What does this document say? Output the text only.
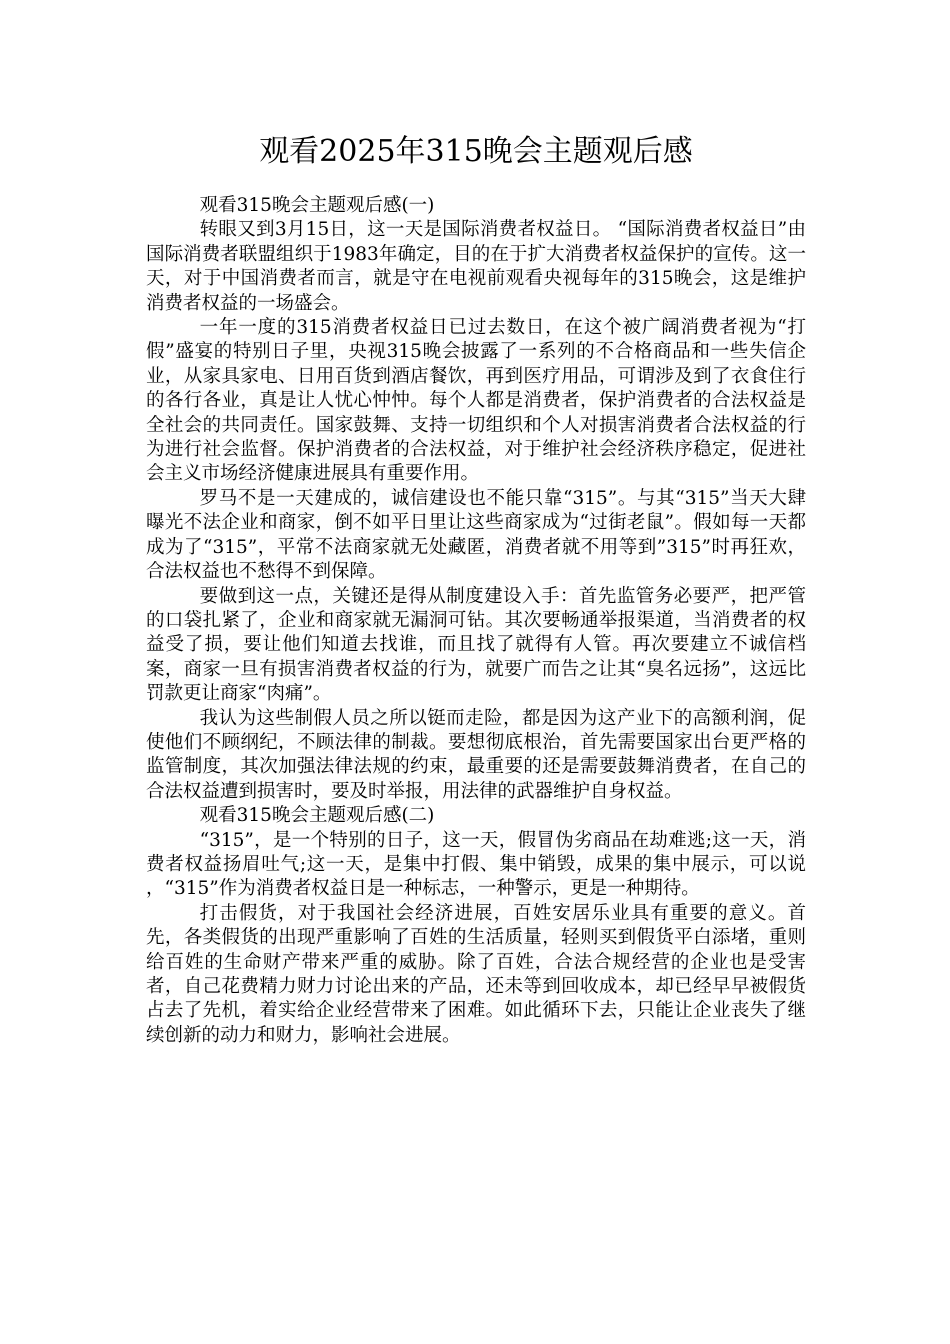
观看2025年315晚会主题观后感

观看315晚会主题观后感(一)

转眼又到3月15日，这一天是国际消费者权益日。 “国际消费者权益日”由国际消费者联盟组织于1983年确定，目的在于扩大消费者权益保护的宣传。这一天，对于中国消费者而言，就是守在电视前观看央视每年的315晚会，这是维护消费者权益的一场盛会。

一年一度的315消费者权益日已过去数日，在这个被广阔消费者视为“打假”盛宴的特别日子里，央视315晚会披露了一系列的不合格商品和一些失信企业，从家具家电、日用百货到酒店餐饮，再到医疗用品，可谓涉及到了衣食住行的各行各业，真是让人忧心忡忡。每个人都是消费者，保护消费者的合法权益是全社会的共同责任。国家鼓舞、支持一切组织和个人对损害消费者合法权益的行为进行社会监督。保护消费者的合法权益，对于维护社会经济秩序稳定，促进社会主义市场经济健康进展具有重要作用。

罗马不是一天建成的，诚信建设也不能只靠“315”。与其“315”当天大肆曝光不法企业和商家，倒不如平日里让这些商家成为“过街老鼠”。假如每一天都成为了“315”，平常不法商家就无处藏匿，消费者就不用等到”315”时再狂欢，合法权益也不愁得不到保障。

要做到这一点，关键还是得从制度建设入手：首先监管务必要严，把严管的口袋扎紧了，企业和商家就无漏洞可钻。其次要畅通举报渠道，当消费者的权益受了损，要让他们知道去找谁，而且找了就得有人管。再次要建立不诚信档案，商家一旦有损害消费者权益的行为，就要广而告之让其“臭名远扬”，这远比罚款更让商家“肉痛”。

我认为这些制假人员之所以铤而走险，都是因为这产业下的高额利润，促使他们不顾纲纪，不顾法律的制裁。要想彻底根治，首先需要国家出台更严格的监管制度，其次加强法律法规的约束，最重要的还是需要鼓舞消费者，在自己的合法权益遭到损害时，要及时举报，用法律的武器维护自身权益。

观看315晚会主题观后感(二)

“315”，是一个特别的日子，这一天，假冒伪劣商品在劫难逃;这一天，消费者权益扬眉吐气;这一天，是集中打假、集中销毁，成果的集中展示，可以说 ，“315”作为消费者权益日是一种标志，一种警示，更是一种期待。

打击假货，对于我国社会经济进展，百姓安居乐业具有重要的意义。首先，各类假货的出现严重影响了百姓的生活质量，轻则买到假货平白添堵，重则给百姓的生命财产带来严重的威胁。除了百姓，合法合规经营的企业也是受害者，自己花费精力财力讨论出来的产品，还未等到回收成本，却已经早早被假货占去了先机，着实给企业经营带来了困难。如此循环下去，只能让企业丧失了继续创新的动力和财力，影响社会进展。
